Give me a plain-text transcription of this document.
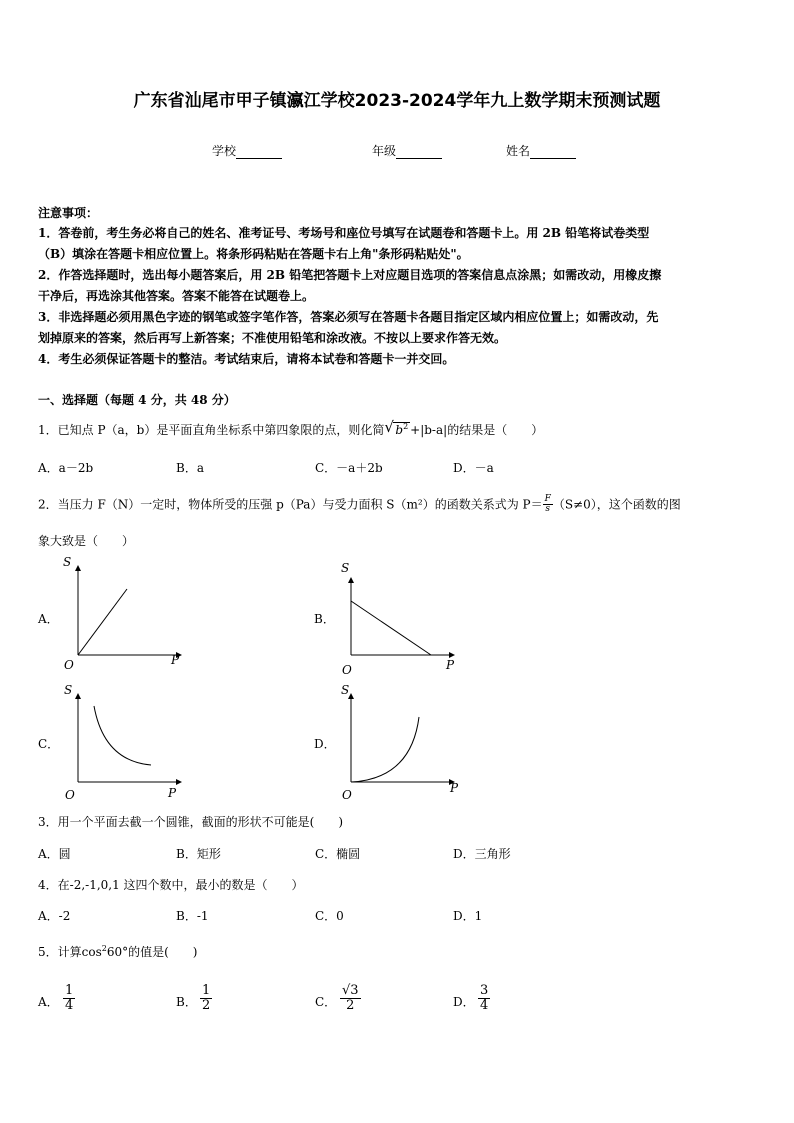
广东省汕尾市甲子镇瀛江学校2023-2024学年九上数学期末预测试题
学校	年级	姓名
注意事项：
1．答卷前，考生务必将自己的姓名、准考证号、考场号和座位号填写在试题卷和答题卡上。用 2B 铅笔将试卷类型
（B）填涂在答题卡相应位置上。将条形码粘贴在答题卡右上角"条形码粘贴处"。
2．作答选择题时，选出每小题答案后，用 2B 铅笔把答题卡上对应题目选项的答案信息点涂黑；如需改动，用橡皮擦
干净后，再选涂其他答案。答案不能答在试题卷上。
3．非选择题必须用黑色字迹的钢笔或签字笔作答，答案必须写在答题卡各题目指定区域内相应位置上；如需改动，先
划掉原来的答案，然后再写上新答案；不准使用铅笔和涂改液。不按以上要求作答无效。
4．考生必须保证答题卡的整洁。考试结束后，请将本试卷和答题卡一并交回。
一、选择题（每题 4 分，共 48 分）
1．已知点 P（a，b）是平面直角坐标系中第四象限的点，则化简 √ $b^2 +|b-a|$的结果是（　　）
A．a－2b	B．a	C．－a＋2b	D．－a
2．当压力 F（N）一定时，物体所受的压强 p（Pa）与受力面积 S（m²）的函数关系式为 $P= \frac{F}{s} (S\ne 0)$，这个函数的图
象大致是（　　）
A．
S
O	P
B．
S
O	P
C．
S
O	P
D．
S
O	P
3．用一个平面去截一个圆锥，截面的形状不可能是(　　)
A．圆	B．矩形	C．椭圆	D．三角形
4．在-2,-1,0,1 这四个数中，最小的数是（　　）
A．-2	B．-1	C．0	D．1
5．计算$\cos^260^\circ$的值是(　　)
A． $\frac{1}{4}$	B． $\frac{1}{2}$	C． $\frac{√3}{2}$	D． $\frac{3}{4}$
